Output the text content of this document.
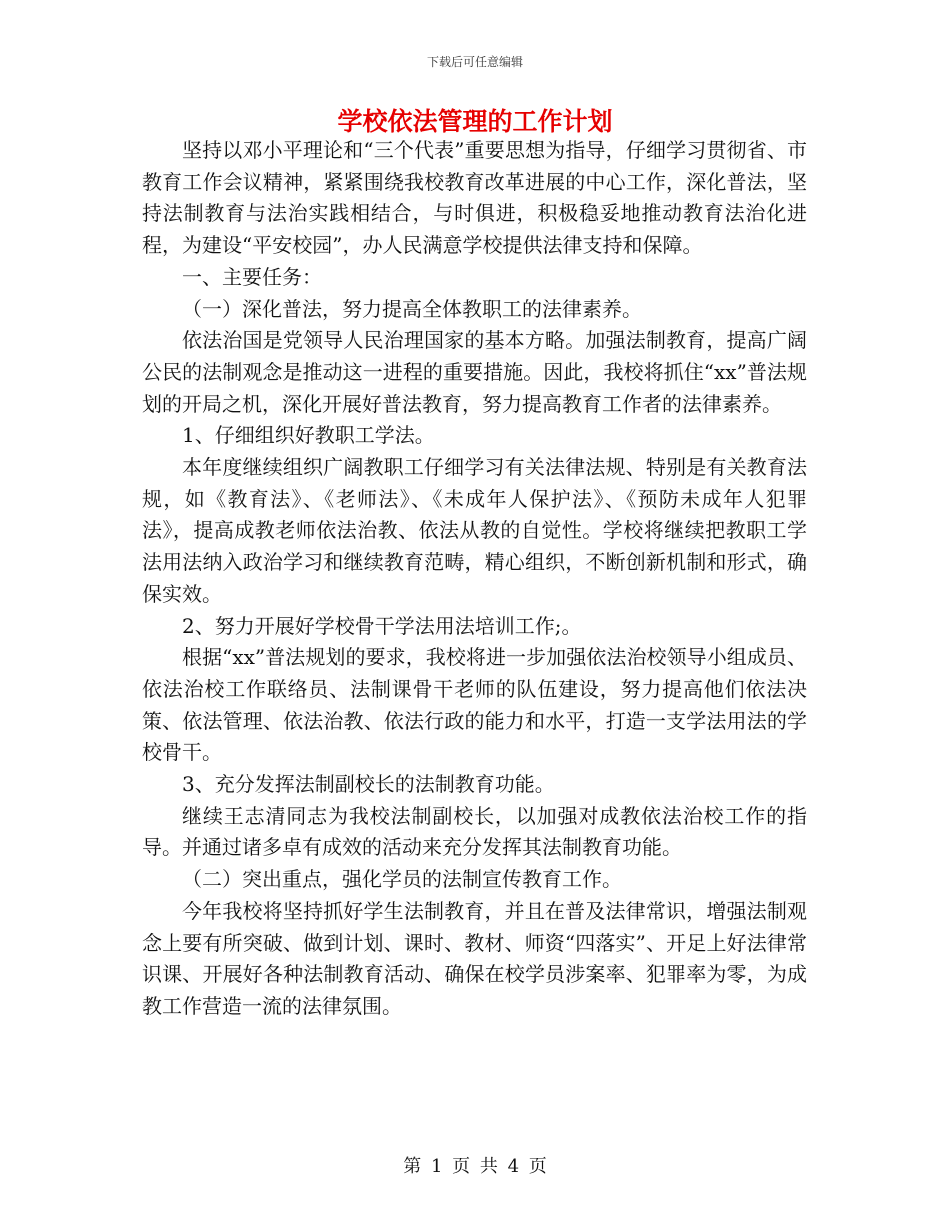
下载后可任意编辑
学校依法管理的工作计划

坚持以邓小平理论和“三个代表”重要思想为指导，仔细学习贯彻省、市教育工作会议精神，紧紧围绕我校教育改革进展的中心工作，深化普法，坚持法制教育与法治实践相结合，与时俱进，积极稳妥地推动教育法治化进程，为建设“平安校园”，办人民满意学校提供法律支持和保障。

一、主要任务：

（一）深化普法，努力提高全体教职工的法律素养。

依法治国是党领导人民治理国家的基本方略。加强法制教育，提高广阔公民的法制观念是推动这一进程的重要措施。因此，我校将抓住“xx”普法规划的开局之机，深化开展好普法教育，努力提高教育工作者的法律素养。

1、仔细组织好教职工学法。

本年度继续组织广阔教职工仔细学习有关法律法规、特别是有关教育法规，如《教育法》、《老师法》、《未成年人保护法》、《预防未成年人犯罪法》，提高成教老师依法治教、依法从教的自觉性。学校将继续把教职工学法用法纳入政治学习和继续教育范畴，精心组织，不断创新机制和形式，确保实效。

2、努力开展好学校骨干学法用法培训工作;。

根据“xx”普法规划的要求，我校将进一步加强依法治校领导小组成员、依法治校工作联络员、法制课骨干老师的队伍建设，努力提高他们依法决策、依法管理、依法治教、依法行政的能力和水平，打造一支学法用法的学校骨干。

3、充分发挥法制副校长的法制教育功能。

继续王志清同志为我校法制副校长，以加强对成教依法治校工作的指导。并通过诸多卓有成效的活动来充分发挥其法制教育功能。

（二）突出重点，强化学员的法制宣传教育工作。

今年我校将坚持抓好学生法制教育，并且在普及法律常识，增强法制观念上要有所突破、做到计划、课时、教材、师资“四落实”、开足上好法律常识课、开展好各种法制教育活动、确保在校学员涉案率、犯罪率为零，为成教工作营造一流的法律氛围。

第 1 页 共 4 页
